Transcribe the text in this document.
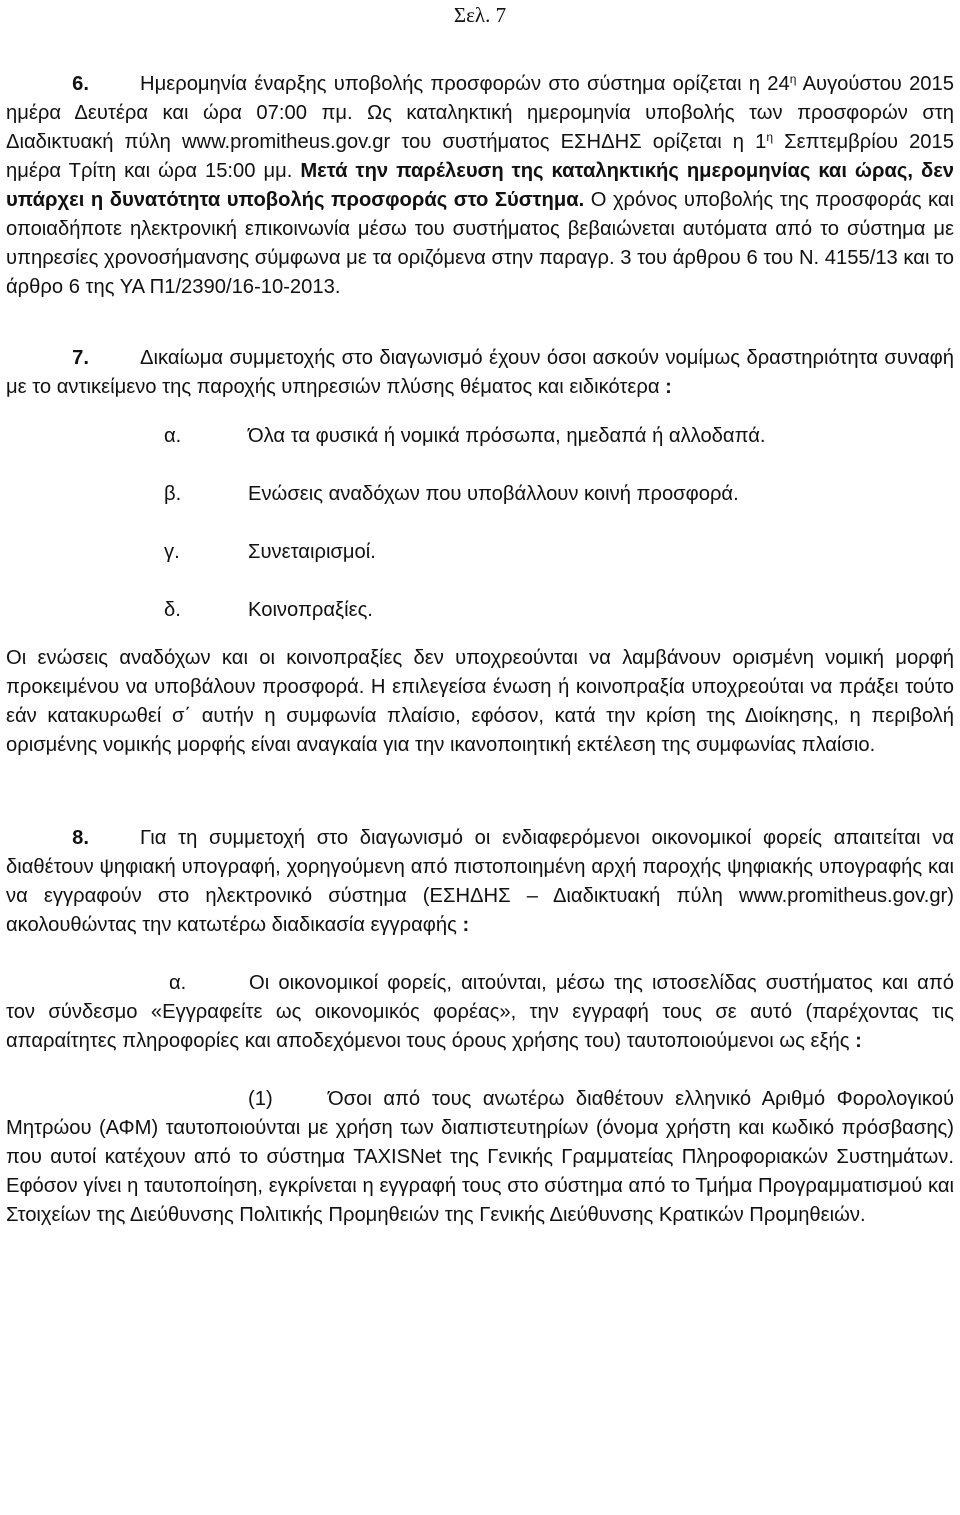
Σελ. 7

6.	Ημερομηνία έναρξης υποβολής προσφορών στο σύστημα ορίζεται η $24^\eta$ Αυγούστου 2015 ημέρα Δευτέρα και ώρα 07:00 πμ. Ως καταληκτική ημερομηνία υποβολής των προσφορών στη Διαδικτυακή πύλη www.promitheus.gov.gr του συστήματος ΕΣΗΔΗΣ ορίζεται η $1^\eta$ Σεπτεμβρίου 2015 ημέρα Τρίτη και ώρα 15:00 μμ. Μετά την παρέλευση της καταληκτικής ημερομηνίας και ώρας, δεν υπάρχει η δυνατότητα υποβολής προσφοράς στο Σύστημα. Ο χρόνος υποβολής της προσφοράς και οποιαδήποτε ηλεκτρονική επικοινωνία μέσω του συστήματος βεβαιώνεται αυτόματα από το σύστημα με υπηρεσίες χρονοσήμανσης σύμφωνα με τα οριζόμενα στην παραγρ. 3 του άρθρου 6 του Ν. 4155/13 και το άρθρο 6 της ΥΑ Π1/2390/16-10-2013.

7.	Δικαίωμα συμμετοχής στο διαγωνισμό έχουν όσοι ασκούν νομίμως δραστηριότητα συναφή με το αντικείμενο της παροχής υπηρεσιών πλύσης θέματος και ειδικότερα :

α.	Όλα τα φυσικά ή νομικά πρόσωπα, ημεδαπά ή αλλοδαπά.
β.	Ενώσεις αναδόχων που υποβάλλουν κοινή προσφορά.
γ.	Συνεταιρισμοί.
δ.	Κοινοπραξίες.

Οι ενώσεις αναδόχων και οι κοινοπραξίες δεν υποχρεούνται να λαμβάνουν ορισμένη νομική μορφή προκειμένου να υποβάλουν προσφορά. Η επιλεγείσα ένωση ή κοινοπραξία υποχρεούται να πράξει τούτο εάν κατακυρωθεί σ΄ αυτήν η συμφωνία πλαίσιο, εφόσον, κατά την κρίση της Διοίκησης, η περιβολή ορισμένης νομικής μορφής είναι αναγκαία για την ικανοποιητική εκτέλεση της συμφωνίας πλαίσιο.

8.	Για τη συμμετοχή στο διαγωνισμό οι ενδιαφερόμενοι οικονομικοί φορείς απαιτείται να διαθέτουν ψηφιακή υπογραφή, χορηγούμενη από πιστοποιημένη αρχή παροχής ψηφιακής υπογραφής και να εγγραφούν στο ηλεκτρονικό σύστημα (ΕΣΗΔΗΣ – Διαδικτυακή πύλη www.promitheus.gov.gr) ακολουθώντας την κατωτέρω διαδικασία εγγραφής :

α.	Οι οικονομικοί φορείς, αιτούνται, μέσω της ιστοσελίδας συστήματος και από τον σύνδεσμο «Εγγραφείτε ως οικονομικός φορέας», την εγγραφή τους σε αυτό (παρέχοντας τις απαραίτητες πληροφορίες και αποδεχόμενοι τους όρους χρήσης του) ταυτοποιούμενοι ως εξής :

(1)	Όσοι από τους ανωτέρω διαθέτουν ελληνικό Αριθμό Φορολογικού Μητρώου (ΑΦΜ) ταυτοποιούνται με χρήση των διαπιστευτηρίων (όνομα χρήστη και κωδικό πρόσβασης) που αυτοί κατέχουν από το σύστημα TAXISNet της Γενικής Γραμματείας Πληροφοριακών Συστημάτων. Εφόσον γίνει η ταυτοποίηση, εγκρίνεται η εγγραφή τους στο σύστημα από το Τμήμα Προγραμματισμού και Στοιχείων της Διεύθυνσης Πολιτικής Προμηθειών της Γενικής Διεύθυνσης Κρατικών Προμηθειών.
